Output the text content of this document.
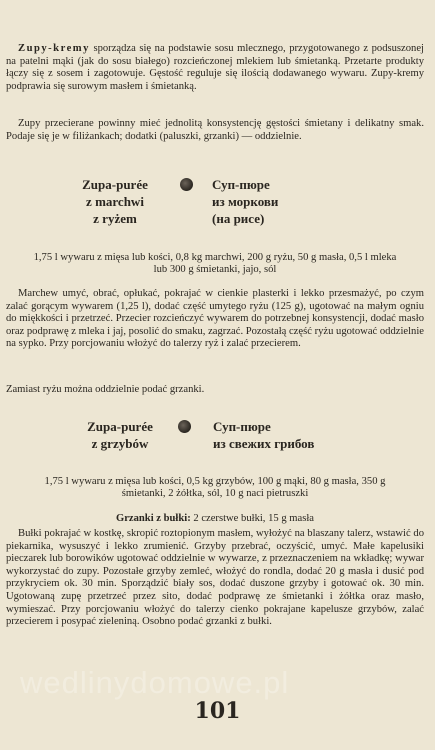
Zupy-kremy sporządza się na podstawie sosu mlecznego, przygotowanego z podsuszonej na patelni mąki (jak do sosu białego) rozcieńczonej mlekiem lub śmietanką. Przetarte produkty łączy się z sosem i zagotowuje. Gęstość reguluje się ilością dodawanego wywaru. Zupy-kremy podprawia się surowym masłem i śmietanką.

Zupy przecierane powinny mieć jednolitą konsystencję gęstości śmietany i delikatny smak. Podaje się je w filiżankach; dodatki (paluszki, grzanki) — oddzielnie.

Zupa-purée
z marchwi
z ryżem
Суп-пюре
из моркови
(на рисе)

1,75 l wywaru z mięsa lub kości, 0,8 kg marchwi, 200 g ryżu, 50 g masła, 0,5 l mleka lub 300 g śmietanki, jajo, sól

Marchew umyć, obrać, opłukać, pokrajać w cienkie plasterki i lekko przesmażyć, po czym zalać gorącym wywarem (1,25 l), dodać część umytego ryżu (125 g), ugotować na małym ogniu do miękkości i przetrzeć. Przecier rozcieńczyć wywarem do potrzebnej konsystencji, dodać masło oraz podprawę z mleka i jaj, posolić do smaku, zagrzać. Pozostałą część ryżu ugotować oddzielnie na sypko. Przy porcjowaniu włożyć do talerzy ryż i zalać przecierem.

Zamiast ryżu można oddzielnie podać grzanki.

Zupa-purée
z grzybów
Суп-пюре
из свежих грибов

1,75 l wywaru z mięsa lub kości, 0,5 kg grzybów, 100 g mąki, 80 g masła, 350 g śmietanki, 2 żółtka, sól, 10 g naci pietruszki

Grzanki z bułki: 2 czerstwe bułki, 15 g masła

Bułki pokrajać w kostkę, skropić roztopionym masłem, wyłożyć na blaszany talerz, wstawić do piekarnika, wysuszyć i lekko zrumienić. Grzyby przebrać, oczyścić, umyć. Małe kapelusiki pieczarek lub borowików ugotować oddzielnie w wywarze, z przeznaczeniem na wkładkę; wywar wykorzystać do zupy. Pozostałe grzyby zemleć, włożyć do rondla, dodać 20 g masła i dusić pod przykryciem ok. 30 min. Sporządzić biały sos, dodać duszone grzyby i gotować ok. 30 min. Ugotowaną zupę przetrzeć przez sito, dodać podprawę ze śmietanki i żółtka oraz masło, wymieszać. Przy porcjowaniu włożyć do talerzy cienko pokrajane kapelusze grzybów, zalać przecierem i posypać zieleniną. Osobno podać grzanki z bułki.

wedlinydomowe.pl
101
